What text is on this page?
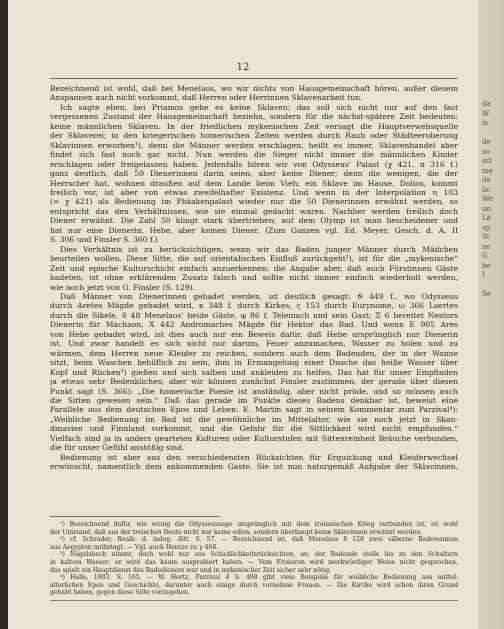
12
Bezeichnend ist wohl, daß bei Menelaos, wo wir nichts von Hausgemeinschaft hören, außer diesem
Anspannen auch nicht vorkommt, daß Herren oder Herrinnen Sklavenarbeit tun.
Ich sagte eben, bei Priamos gebe es keine Sklaven; das soll sich nicht nur auf den fast
vergessenen Zustand der Hausgemeinschaft beziehn, sondern für die nächst-spätere Zeit bedeuten:
keine männlichen Sklaven. In der friedlichen mykenischen Zeit versagt die Hauptverwebsquelle
der Sklaverei; in den kriegerischen homerischen Zeiten werden durch Raub oder Städteeroberung
Sklavinnen erworben¹), denn die Männer werden erschlagen, heißt es immer. Sklavenhandel aber
findet sich fast noch gar nicht. Nun werden die Sieger nicht immer die männlichen Kinder
erschlagen oder freigelassen haben. Jedenfalls hören wir von Odysseus' Palast (χ 421, π 316 f.)
ganz deutlich, daß 50 Dienerinnen darin seien, aber keine Diener; denn die wenigen, die der
Herrscher hat, wohnen draußen auf dem Lande beim Vieh; ein Sklave im Hause, Dolios, kommt
freilich vor, ist aber von etwas zweifelhafter Existenz. Und wenn in der Interpolation η 103
(= χ 421) als Bedienung im Phäakenpalast wieder nur die 50 Dienerinnen erwähnt werden, so
entspricht das den Verhältnissen, wie sie einmal gedacht waren. Nachher werden freilich doch
Diener erwähnt. Die Zahl 50 klingt stark übertrieben; auf dem Olymp ist man bescheidener und
hat nur eine Dienerin, Hebe, aber keinen Diener. (Zum Ganzen vgl. Ed. Meyer, Gesch. d. A. II
S. 306 und Finsler S. 360 f.)
Dies Verhältnis ist zu berücksichtigen, wenn wir das Baden junger Männer durch Mädchen
beurteilen wollen. Diese Sitte, die auf orientalischen Einfluß zurückgeht²), ist für die „mykenische“
Zeit und epische Kulturschicht einfach anzuerkennen; die Angabe aber, daß auch Fürstinnen Gäste
badeten, ist ohne erklärenden Zusatz falsch und sollte nicht immer einfach wiederholt werden,
wie noch jetzt von G. Finsler (S. 129).
Daß Männer von Dienerinnen gebadet werden, ist deutlich gesagt: ϑ 449 f., wo Odysseus
durch Aretes Mägde gebadet wird, κ 348 f. durch Kirkes, ς 153 durch Eurynome, ω 366 Laertes
durch die Sikele, δ 48 Menelaos' beide Gäste, φ 86 f. Telemach und sein Gast; Ξ 6 bereitet Nestors
Dienerin für Machaon, Χ 442 Andromaches Mägde für Hektor das Bad. Und wenn Ε 905 Ares
von Hebe gebadet wird, ist dies auch nur ein Beweis dafür, daß Hebe ursprünglich nur Dienerin
ist. Und zwar handelt es sich nicht nur darum, Feuer anzumachen, Wasser zu holen und zu
wärmen, dem Herren neue Kleider zu reichen, sondern auch dem Badenden, der in der Wanne
sitzt, beim Waschen behilflich zu sein, ihm in Ermangelung einer Dusche das heiße Wasser über
Kopf und Rücken³) gießen und sich salben und ankleiden zu helfen. Das hat für unser Empfinden
ja etwas sehr Bedenkliches; aber wir können zunächst Finsler zustimmen, der gerade über diesen
Punkt sagt (S. 366): „Die homerische Poesie ist anständig, aber nicht prüde, und so müssen auch
die Sitten gewesen sein.“ Daß das gerade im Punkte dieses Badens denkbar ist, beweist eine
Parallele aus dem deutschen Epos und Leben: E. Martin sagt in seinem Kommentar zum Parzival⁴):
„Weibliche Bedienung im Bad ist die gewöhnliche im Mittelalter, wie sie noch jetzt in Skan-
dinavien und Finnland vorkommt, und die Gefahr für die Sittlichkeit wird nicht empfunden.“
Vielfach sind ja in anders gearteten Kulturen oder Kulturstufen mit Sittenreinheit Bräuche verbunden,
die für unser Gefühl anstößig sind.
Bedienung ist aber aus den verschiedensten Rücksichten für Erquickung und Kleiderwechsel
erwünscht, namentlich dem ankommenden Gaste. Sie ist nun naturgemäß Aufgabe der Sklavinnen,
¹) Bezeichnend dafür, wie wenig die Odysseussage ursprünglich mit dem troianischen Krieg verbunden ist, ist wohl
der Umstand, daß aus der troischen Beute nicht nur keine edlen, sondern überhaupt keine Sklavinnen erwähnt werden.
²) cf. Schrader, Realb. d. indog. Altt. S. 57. — Bezeichnend ist, daß Menelaos δ 128 zwei silberne Badewannen
aus Aegypten mitbringt. — Vgl. auch Hentze zu γ 468.
³) Nägelsbach nimmt, doch wohl nur aus Schicklichkeitsrücksichten, an, der Badende stelle bis zu den Schultern
in kaltem Wasser; er wird das kaum ausprobiert haben. — Vom Frisieren wird merkwürdiger Weise nicht gesprochen,
das spielt ein Hauptdienst des Badedieners war und in mykenischer Zeit sicher sehr nötig.
⁴) Halle, 1903. S. 165. — W. Hertz, Parzival 4 S. 498 gibt viele Beispiele für weibliche Bedienung aus mittel-
alterlichen Epen und Geschichte, darunter auch einige durch vornehme Frauen. — Die Kirche wird schon ihren Grund
gehabt haben, gegen diese Sitte vorzugehen.
da
W
is

de
so
scl
me
da
lic
We
un
Lä
sp
St
se
G
be
I

Se
